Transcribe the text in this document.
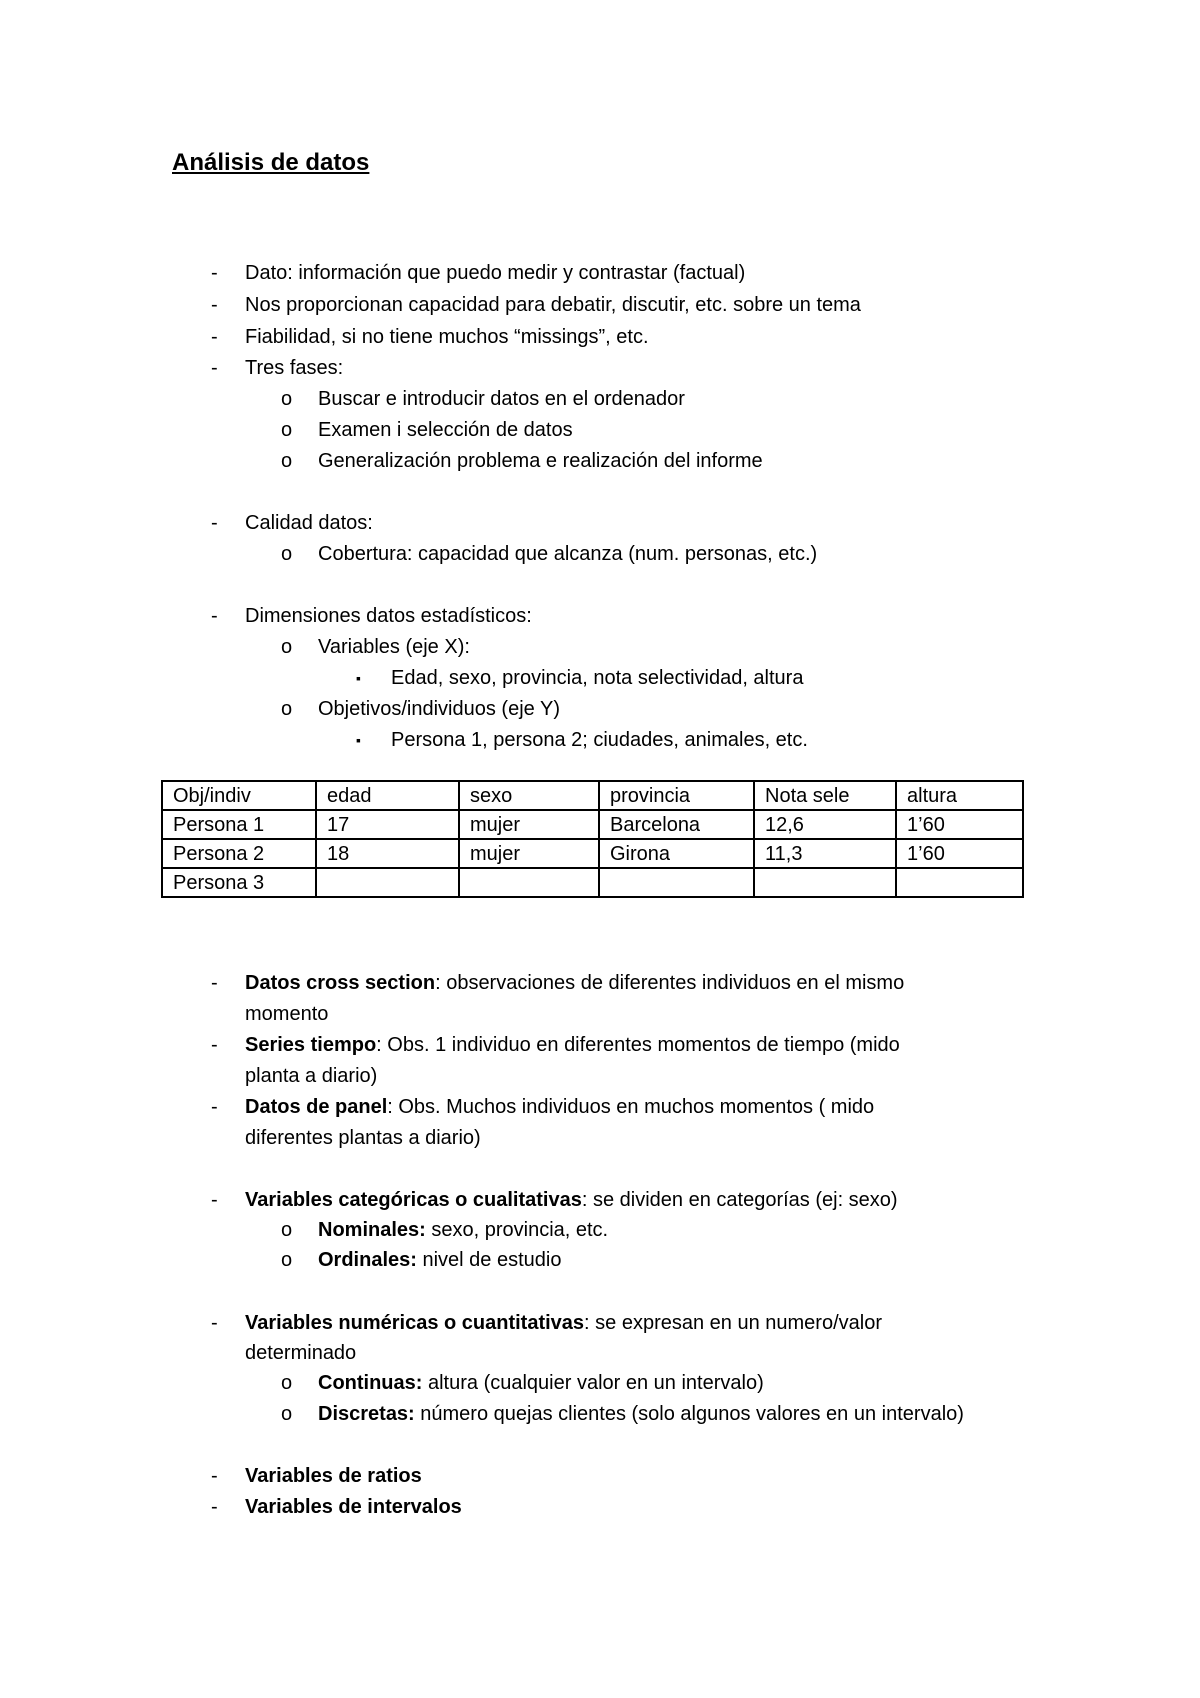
Análisis de datos
- Dato: información que puedo medir y contrastar (factual)
- Nos proporcionan capacidad para debatir, discutir, etc. sobre un tema
- Fiabilidad, si no tiene muchos “missings”, etc.
- Tres fases:
o Buscar e introducir datos en el ordenador
o Examen i selección de datos
o Generalización problema e realización del informe
- Calidad datos:
o Cobertura: capacidad que alcanza (num. personas, etc.)
- Dimensiones datos estadísticos:
o Variables (eje X):
▪ Edad, sexo, provincia, nota selectividad, altura
o Objetivos/individuos (eje Y)
▪ Persona 1, persona 2; ciudades, animales, etc.
Obj/indiv	edad	sexo	provincia	Nota sele	altura
Persona 1	17	mujer	Barcelona	12,6	1’60
Persona 2	18	mujer	Girona	11,3	1’60
Persona 3					
- Datos cross section: observaciones de diferentes individuos en el mismo
momento
- Series tiempo: Obs. 1 individuo en diferentes momentos de tiempo (mido
planta a diario)
- Datos de panel: Obs. Muchos individuos en muchos momentos ( mido
diferentes plantas a diario)
- Variables categóricas o cualitativas: se dividen en categorías (ej: sexo)
o Nominales: sexo, provincia, etc.
o Ordinales: nivel de estudio
- Variables numéricas o cuantitativas: se expresan en un numero/valor
determinado
o Continuas: altura (cualquier valor en un intervalo)
o Discretas: número quejas clientes (solo algunos valores en un intervalo)
- Variables de ratios
- Variables de intervalos
